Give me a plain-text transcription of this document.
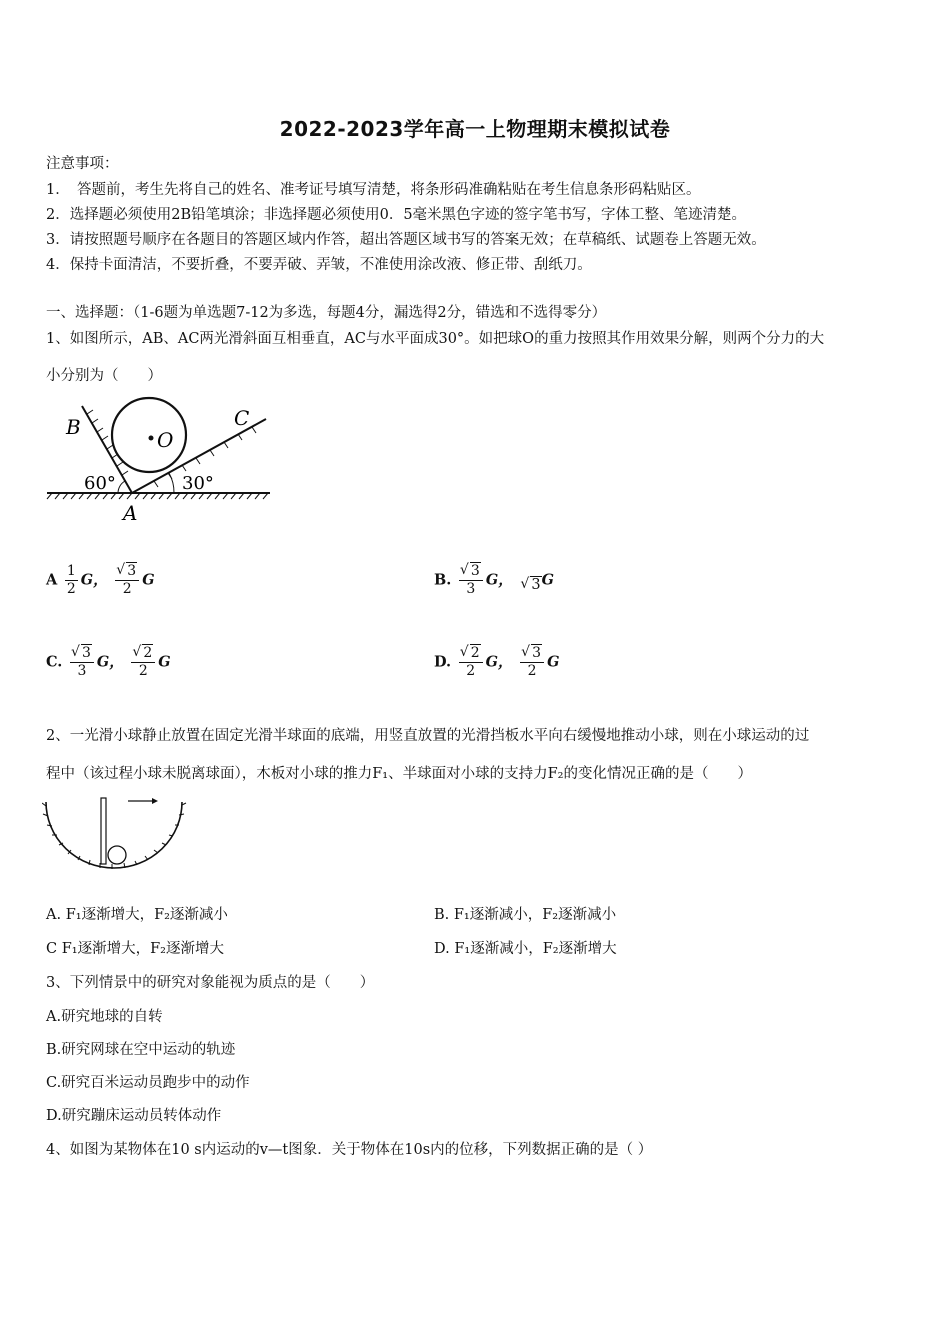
2022-2023学年高一上物理期末模拟试卷
注意事项：
1．　答题前，考生先将自己的姓名、准考证号填写清楚，将条形码准确粘贴在考生信息条形码粘贴区。
2．选择题必须使用2B铅笔填涂；非选择题必须使用0．5毫米黑色字迹的签字笔书写，字体工整、笔迹清楚。
3．请按照题号顺序在各题目的答题区域内作答，超出答题区域书写的答案无效；在草稿纸、试题卷上答题无效。
4．保持卡面清洁，不要折叠，不要弄破、弄皱，不准使用涂改液、修正带、刮纸刀。
一、选择题：（1-6题为单选题7-12为多选，每题4分，漏选得2分，错选和不选得零分）
1、如图所示，AB、AC两光滑斜面互相垂直，AC与水平面成30°。如把球O的重力按照其作用效果分解，则两个分力的大
小分别为（　　）
B	C
O
A
60°	30°
A $\frac{1}{2}$ G， √ $\frac{3}{2}$ G	B. √ $\frac{3}{3}$ G， √ 3G
C. √ $\frac{3}{3}$ G， √ $\frac{2}{2}$ G	D. √ $\frac{2}{2}$ G， √ $\frac{3}{2}$ G
2、一光滑小球静止放置在固定光滑半球面的底端，用竖直放置的光滑挡板水平向右缓慢地推动小球，则在小球运动的过
程中（该过程小球未脱离球面），木板对小球的推力F₁、半球面对小球的支持力F₂的变化情况正确的是（　　）
A. F₁逐渐增大，F₂逐渐减小	B. F₁逐渐减小，F₂逐渐减小
C F₁逐渐增大，F₂逐渐增大	D. F₁逐渐减小，F₂逐渐增大
3、下列情景中的研究对象能视为质点的是（　　）
A.研究地球的自转
B.研究网球在空中运动的轨迹
C.研究百米运动员跑步中的动作
D.研究蹦床运动员转体动作
4、如图为某物体在10 s内运动的v—t图象．关于物体在10s内的位移，下列数据正确的是（ ）
